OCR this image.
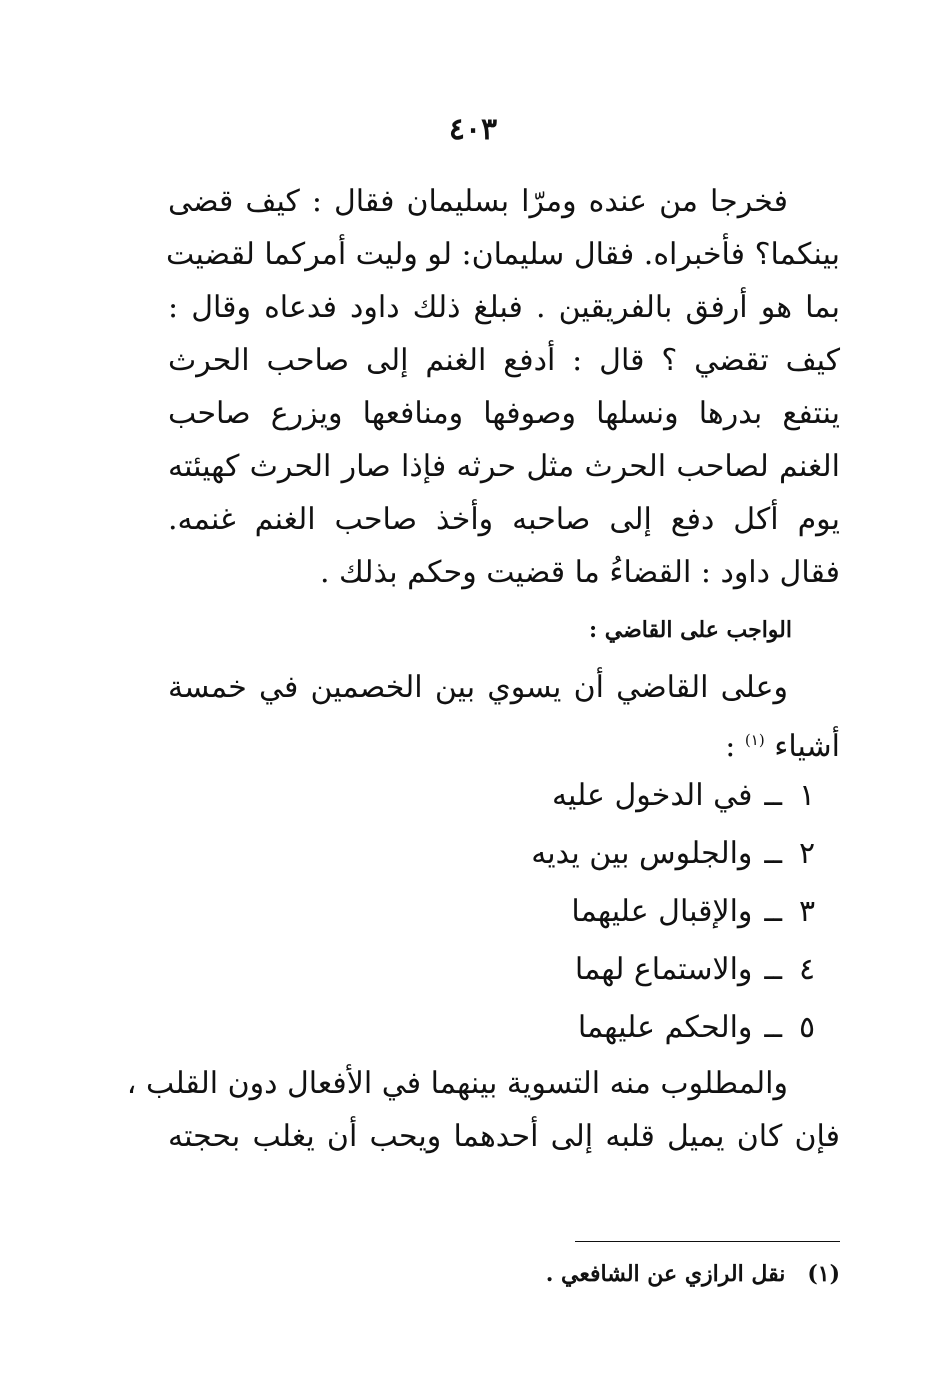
٤٠٣
فخرجا من عنده ومرّا بسليمان فقال : كيف قضى
بينكما؟ فأخبراه. فقال سليمان: لو وليت أمركما لقضيت
بما هو أرفق بالفريقين . فبلغ ذلك داود فدعاه وقال :
كيف تقضي ؟ قال : أدفع الغنم إلى صاحب الحرث
ينتفع بدرها ونسلها وصوفها ومنافعها ويزرع صاحب
الغنم لصاحب الحرث مثل حرثه فإذا صار الحرث كهيئته
يوم أكل دفع إلى صاحبه وأخذ صاحب الغنم غنمه.
فقال داود : القضاءُ ما قضيت وحكم بذلك .
الواجب على القاضي :
وعلى القاضي أن يسوي بين الخصمين في خمسة
أشياء $^{(١)}$ :
١ــفي الدخول عليه
٢ــوالجلوس بين يديه
٣ــوالإقبال عليهما
٤ــوالاستماع لهما
٥ــوالحكم عليهما
والمطلوب منه التسوية بينهما في الأفعال دون القلب ،
فإن كان يميل قلبه إلى أحدهما ويحب أن يغلب بحجته
(١)نقل الرازي عن الشافعي .
